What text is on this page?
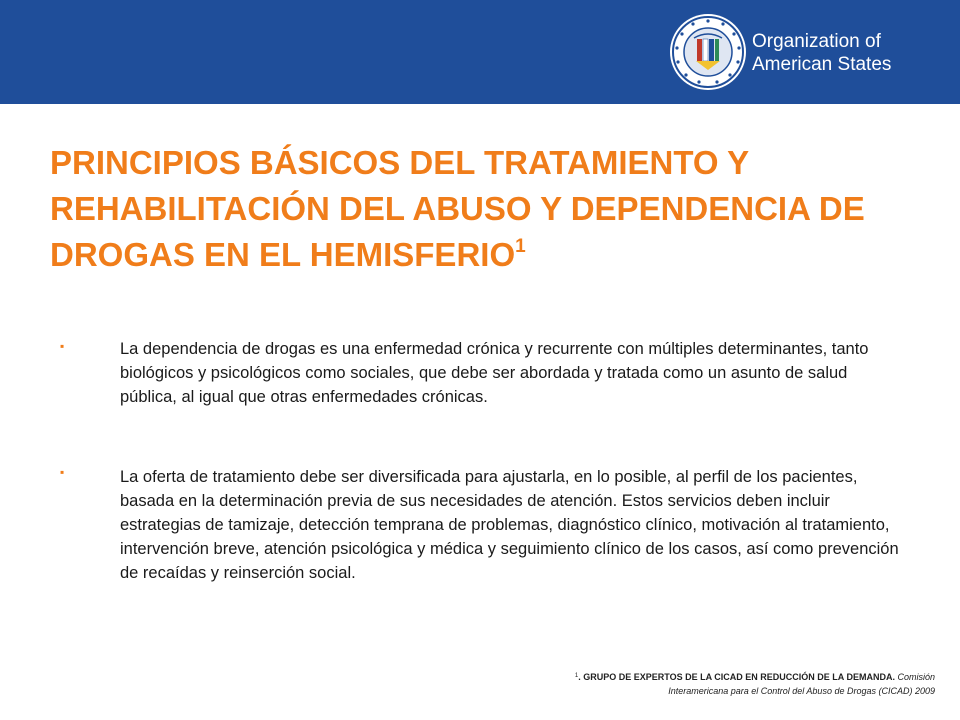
Organization of
American States
PRINCIPIOS BÁSICOS DEL TRATAMIENTO Y
REHABILITACIÓN DEL ABUSO Y DEPENDENCIA DE
DROGAS EN EL HEMISFERIO$^1$
▪	La dependencia de drogas es una enfermedad crónica y recurrente con múltiples determinantes, tanto biológicos y psicológicos como sociales, que debe ser abordada y tratada como un asunto de salud pública, al igual que otras enfermedades crónicas.
▪	La oferta de tratamiento debe ser diversificada para ajustarla, en lo posible, al perfil de los pacientes, basada en la determinación previa de sus necesidades de atención. Estos servicios deben incluir estrategias de tamizaje, detección temprana de problemas, diagnóstico clínico, motivación al tratamiento, intervención breve, atención psicológica y médica y seguimiento clínico de los casos, así como prevención de recaídas y reinserción social.
$^1$. GRUPO DE EXPERTOS DE LA CICAD EN REDUCCIÓN DE LA DEMANDA. Comisión Interamericana para el Control del Abuso de Drogas (CICAD) 2009
